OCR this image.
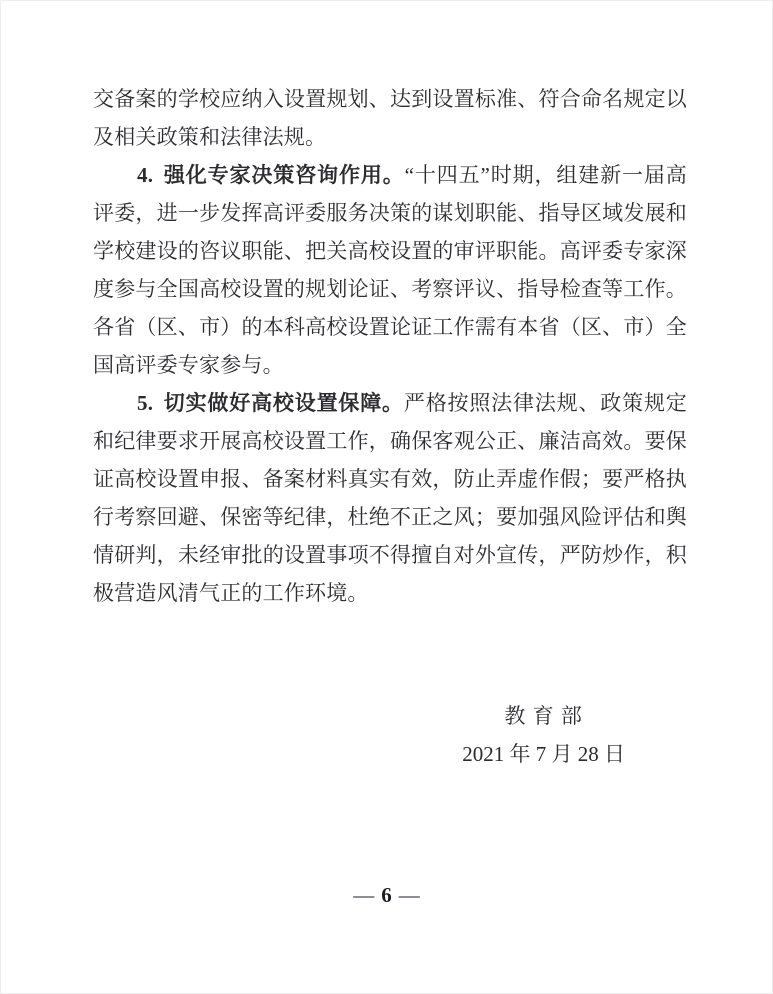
交备案的学校应纳入设置规划、达到设置标准、符合命名规定以及相关政策和法律法规。

4. 强化专家决策咨询作用。“十四五”时期，组建新一届高评委，进一步发挥高评委服务决策的谋划职能、指导区域发展和学校建设的咨议职能、把关高校设置的审评职能。高评委专家深度参与全国高校设置的规划论证、考察评议、指导检查等工作。各省（区、市）的本科高校设置论证工作需有本省（区、市）全国高评委专家参与。

5. 切实做好高校设置保障。严格按照法律法规、政策规定和纪律要求开展高校设置工作，确保客观公正、廉洁高效。要保证高校设置申报、备案材料真实有效，防止弄虚作假；要严格执行考察回避、保密等纪律，杜绝不正之风；要加强风险评估和舆情研判，未经审批的设置事项不得擅自对外宣传，严防炒作，积极营造风清气正的工作环境。

教 育 部
2021 年 7 月 28 日
— 6 —
